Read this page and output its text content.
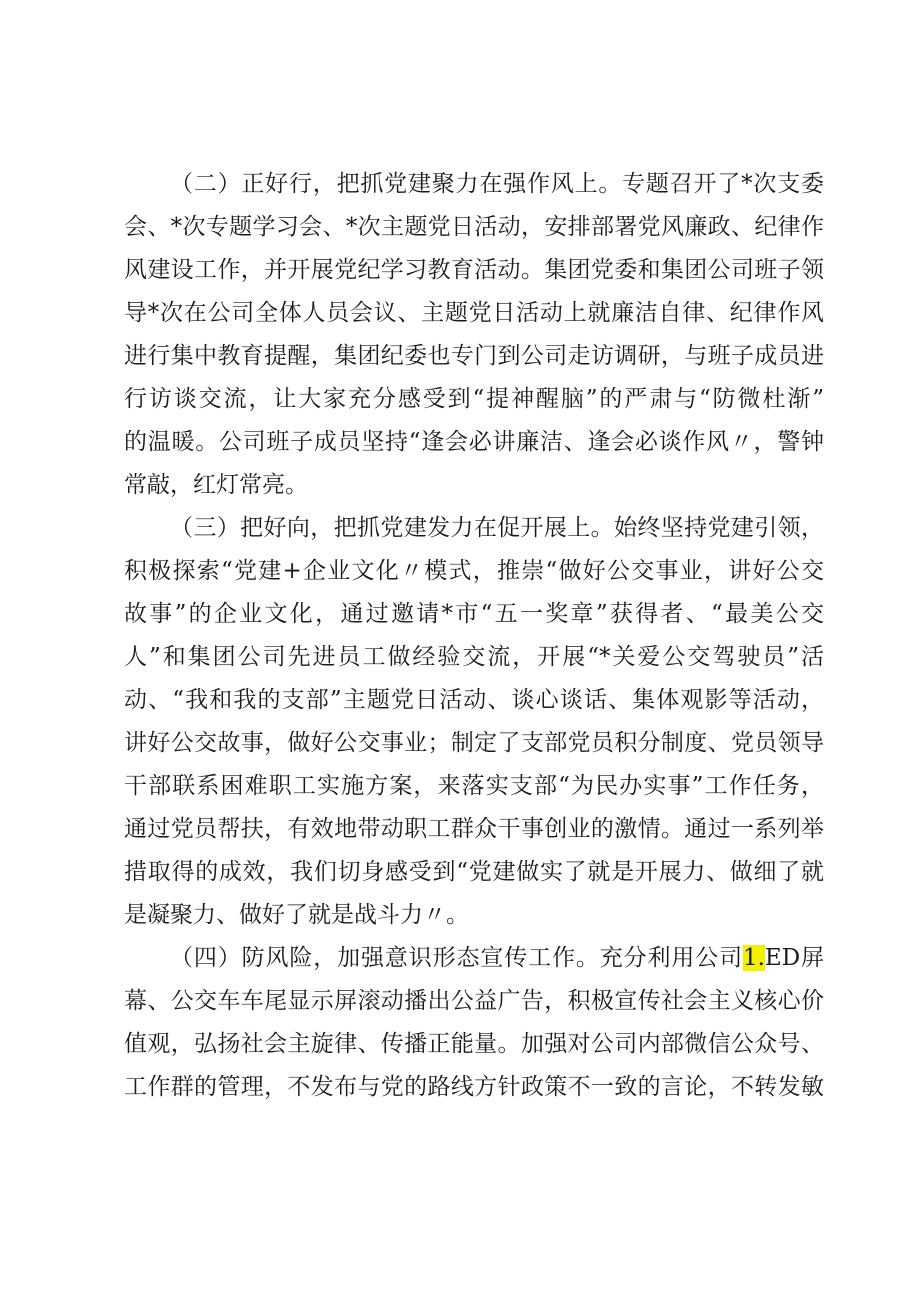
（二）正好行，把抓党建聚力在强作风上。专题召开了*次支委
会、*次专题学习会、*次主题党日活动，安排部署党风廉政、纪律作
风建设工作，并开展党纪学习教育活动。集团党委和集团公司班子领
导*次在公司全体人员会议、主题党日活动上就廉洁自律、纪律作风
进行集中教育提醒，集团纪委也专门到公司走访调研，与班子成员进
行访谈交流，让大家充分感受到“提神醒脑”的严肃与“防微杜渐”
的温暖。公司班子成员坚持“逢会必讲廉洁、逢会必谈作风〃，警钟
常敲，红灯常亮。
（三）把好向，把抓党建发力在促开展上。始终坚持党建引领，
积极探索“党建+企业文化〃模式，推崇“做好公交事业，讲好公交
故事”的企业文化，通过邀请*市“五一奖章”获得者、“最美公交
人”和集团公司先进员工做经验交流，开展“*关爱公交驾驶员”活
动、“我和我的支部”主题党日活动、谈心谈话、集体观影等活动，
讲好公交故事，做好公交事业；制定了支部党员积分制度、党员领导
干部联系困难职工实施方案，来落实支部“为民办实事”工作任务，
通过党员帮扶，有效地带动职工群众干事创业的激情。通过一系列举
措取得的成效，我们切身感受到“党建做实了就是开展力、做细了就
是凝聚力、做好了就是战斗力〃。
（四）防风险，加强意识形态宣传工作。充分利用公司1.ED屏
幕、公交车车尾显示屏滚动播出公益广告，积极宣传社会主义核心价
值观，弘扬社会主旋律、传播正能量。加强对公司内部微信公众号、
工作群的管理，不发布与党的路线方针政策不一致的言论，不转发敏
